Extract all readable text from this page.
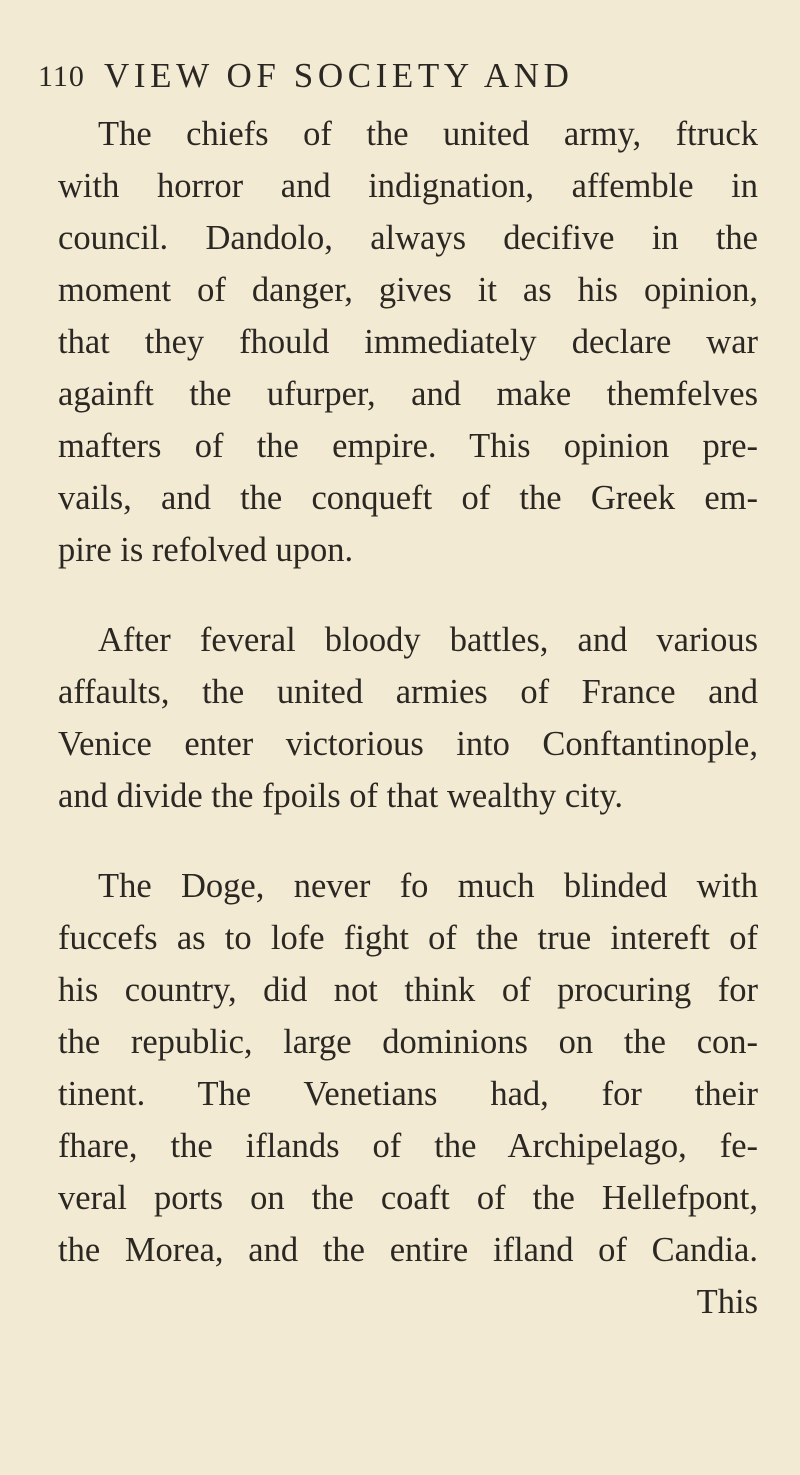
110 VIEW OF SOCIETY AND
The chiefs of the united army, ftruck
with horror and indignation, affemble in
council. Dandolo, always decifive in the
moment of danger, gives it as his opinion,
that they fhould immediately declare war
againft the ufurper, and make themfelves
mafters of the empire. This opinion pre-
vails, and the conqueft of the Greek em-
pire is refolved upon.
After feveral bloody battles, and various
affaults, the united armies of France and
Venice enter victorious into Conftantinople,
and divide the fpoils of that wealthy city.
The Doge, never fo much blinded with
fuccefs as to lofe fight of the true intereft of
his country, did not think of procuring for
the republic, large dominions on the con-
tinent. The Venetians had, for their
fhare, the iflands of the Archipelago, fe-
veral ports on the coaft of the Hellefpont,
the Morea, and the entire ifland of Candia.
This
